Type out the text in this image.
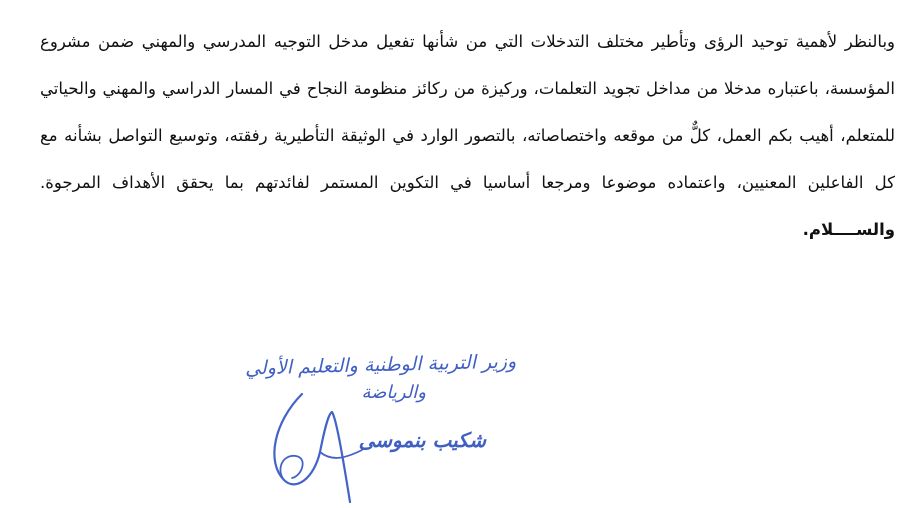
وبالنظر لأهمية توحيد الرؤى وتأطير مختلف التدخلات التي من شأنها تفعيل مدخل التوجيه المدرسي والمهني ضمن مشروع المؤسسة، باعتباره مدخلا من مداخل تجويد التعلمات، وركيزة من ركائز منظومة النجاح في المسار الدراسي والمهني والحياتي للمتعلم، أهيب بكم العمل، كلٌّ من موقعه واختصاصاته، بالتصور الوارد في الوثيقة التأطيرية رفقته، وتوسيع التواصل بشأنه مع كل الفاعلين المعنيين، واعتماده موضوعا ومرجعا أساسيا في التكوين المستمر لفائدتهم بما يحقق الأهداف المرجوة. والســــلام.

وزير التربية الوطنية والتعليم الأولي
والرياضة
شكيب بنموسى
